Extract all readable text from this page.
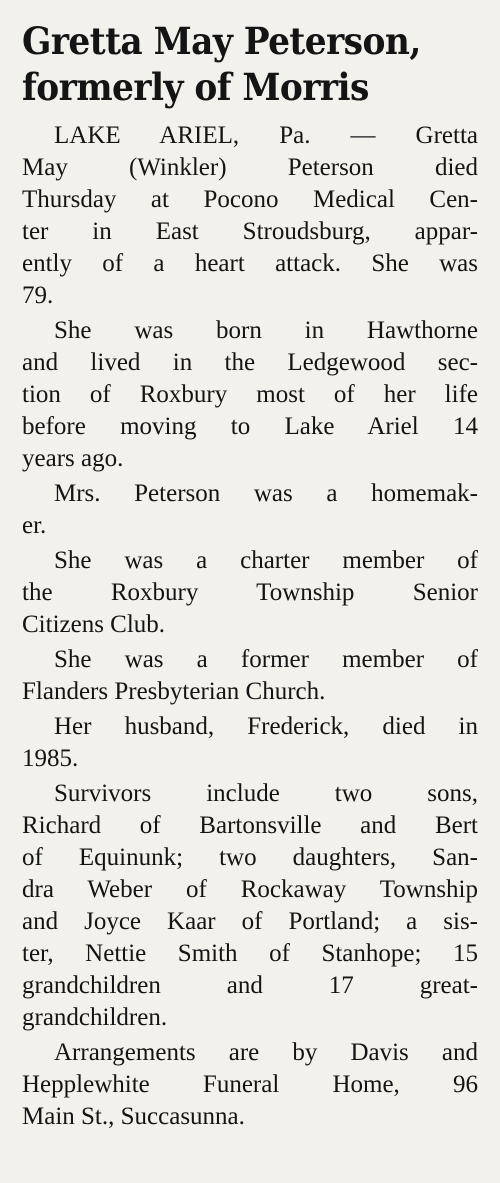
Gretta May Peterson,
formerly of Morris
LAKE ARIEL, Pa. — Gretta
May (Winkler) Peterson died
Thursday at Pocono Medical Cen-
ter in East Stroudsburg, appar-
ently of a heart attack. She was
79.
She was born in Hawthorne
and lived in the Ledgewood sec-
tion of Roxbury most of her life
before moving to Lake Ariel 14
years ago.
Mrs. Peterson was a homemak-
er.
She was a charter member of
the Roxbury Township Senior
Citizens Club.
She was a former member of
Flanders Presbyterian Church.
Her husband, Frederick, died in
1985.
Survivors include two sons,
Richard of Bartonsville and Bert
of Equinunk; two daughters, San-
dra Weber of Rockaway Township
and Joyce Kaar of Portland; a sis-
ter, Nettie Smith of Stanhope; 15
grandchildren and 17 great-
grandchildren.
Arrangements are by Davis and
Hepplewhite Funeral Home, 96
Main St., Succasunna.
